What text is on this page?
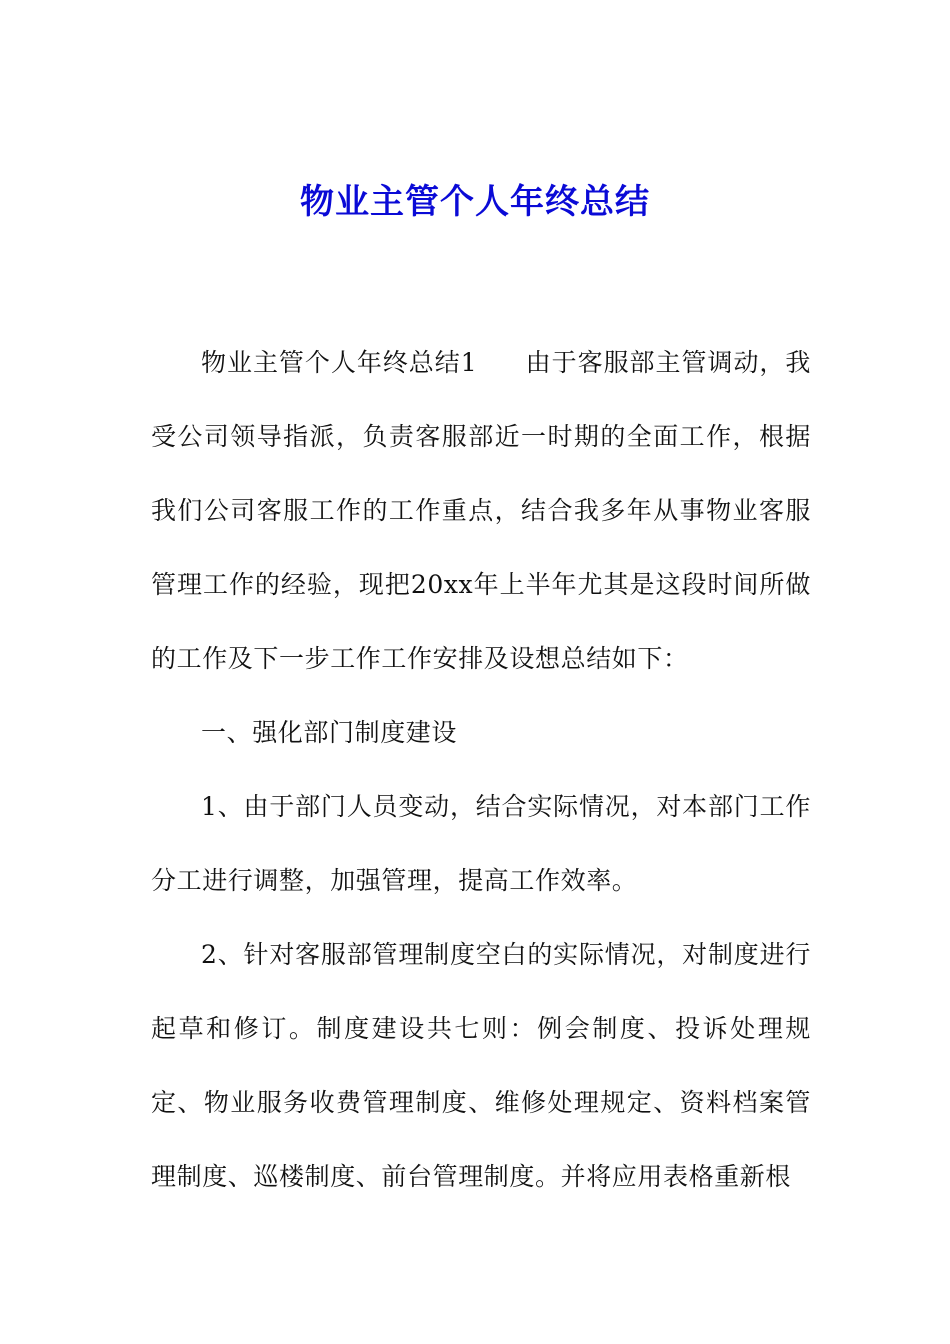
物业主管个人年终总结

物业主管个人年终总结1 由于客服部主管调动，我受公司领导指派，负责客服部近一时期的全面工作，根据我们公司客服工作的工作重点，结合我多年从事物业客服管理工作的经验，现把20xx年上半年尤其是这段时间所做的工作及下一步工作工作安排及设想总结如下：

一、强化部门制度建设

1、由于部门人员变动，结合实际情况，对本部门工作分工进行调整，加强管理，提高工作效率。

2、针对客服部管理制度空白的实际情况，对制度进行起草和修订。制度建设共七则：例会制度、投诉处理规定、物业服务收费管理制度、维修处理规定、资料档案管理制度、巡楼制度、前台管理制度。并将应用表格重新根
